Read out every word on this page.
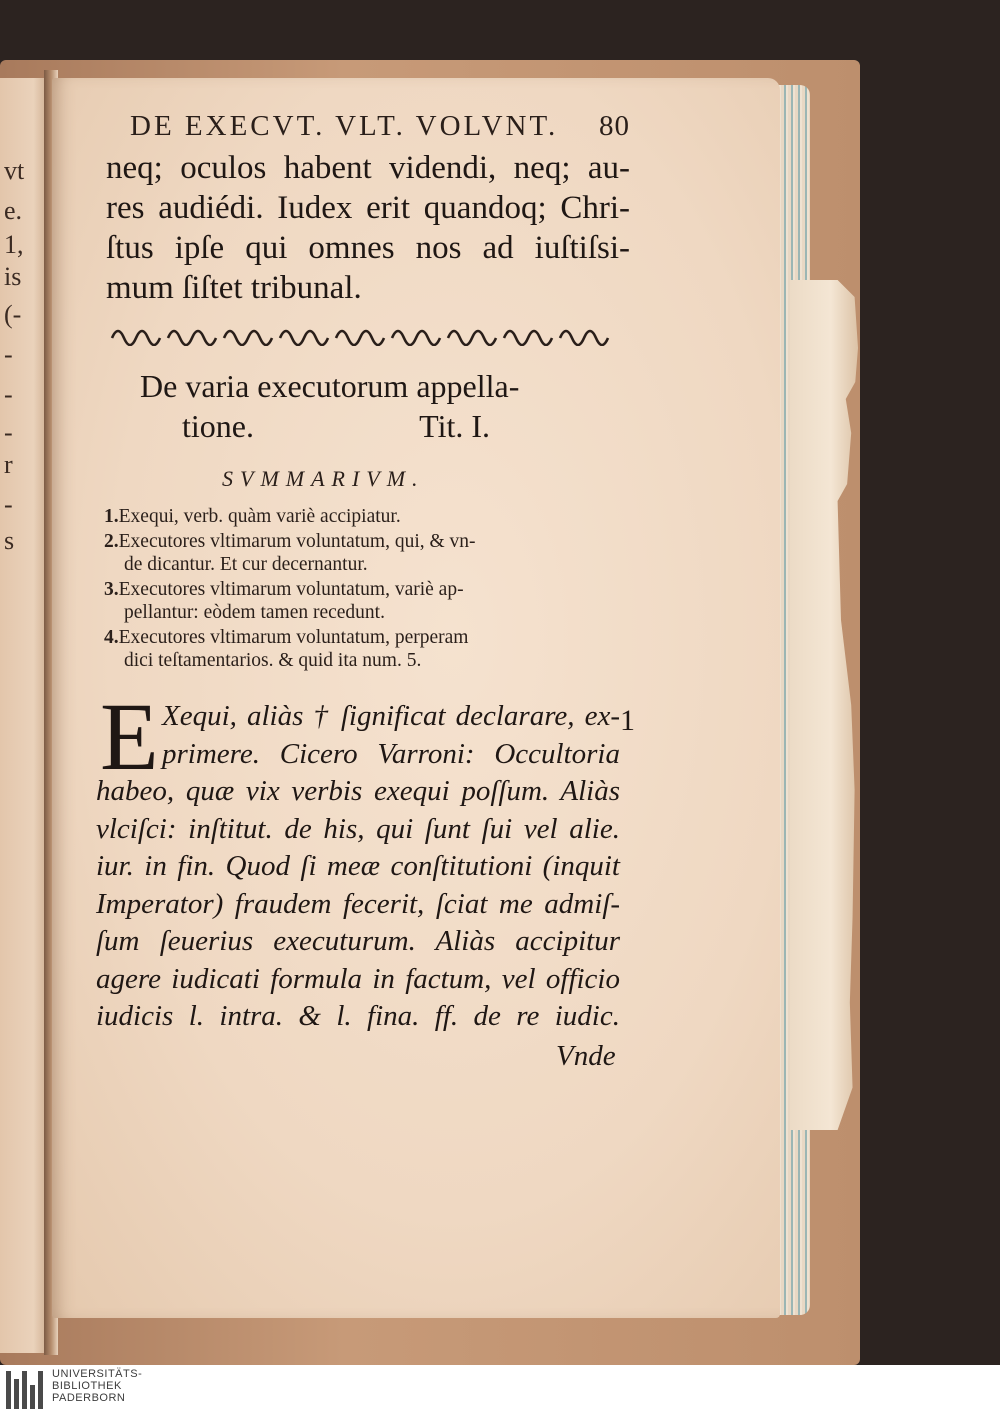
vt
e.
1,
is
(-
-
-
-
r
-
s
DE EXECVT. VLT. VOLVNT. 80
neq; oculos habent videndi, neq; au-
res audiédi. Iudex erit quandoq; Chri-
ſtus ipſe qui omnes nos ad iuſtiſsi-
mum ſiſtet tribunal.
De varia executorum appella-
tione.	Tit. I.
SVMMARIVM.
1.Exequi, verb. quàm variè accipiatur.
2.Executores vltimarum voluntatum, qui, & vn-
de dicantur. Et cur decernantur.
3.Executores vltimarum voluntatum, variè ap-
pellantur: eòdem tamen recedunt.
4.Executores vltimarum voluntatum, perperam
dici teſtamentarios. & quid ita num. 5.
E	1
Xequi, aliàs † ſignificat declarare, ex-
primere. Cicero Varroni: Occultoria
habeo, quæ vix verbis exequi poſſum. Aliàs
vlciſci: inſtitut. de his, qui ſunt ſui vel alie.
iur. in fin. Quod ſi meæ conſtitutioni (inquit
Imperator) fraudem fecerit, ſciat me admiſ-
ſum ſeuerius executurum. Aliàs accipitur
agere iudicati formula in factum, vel officio
iudicis l. intra. & l. fina. ff. de re iudic.
Vnde
UNIVERSITÄTS-
BIBLIOTHEK
PADERBORN
